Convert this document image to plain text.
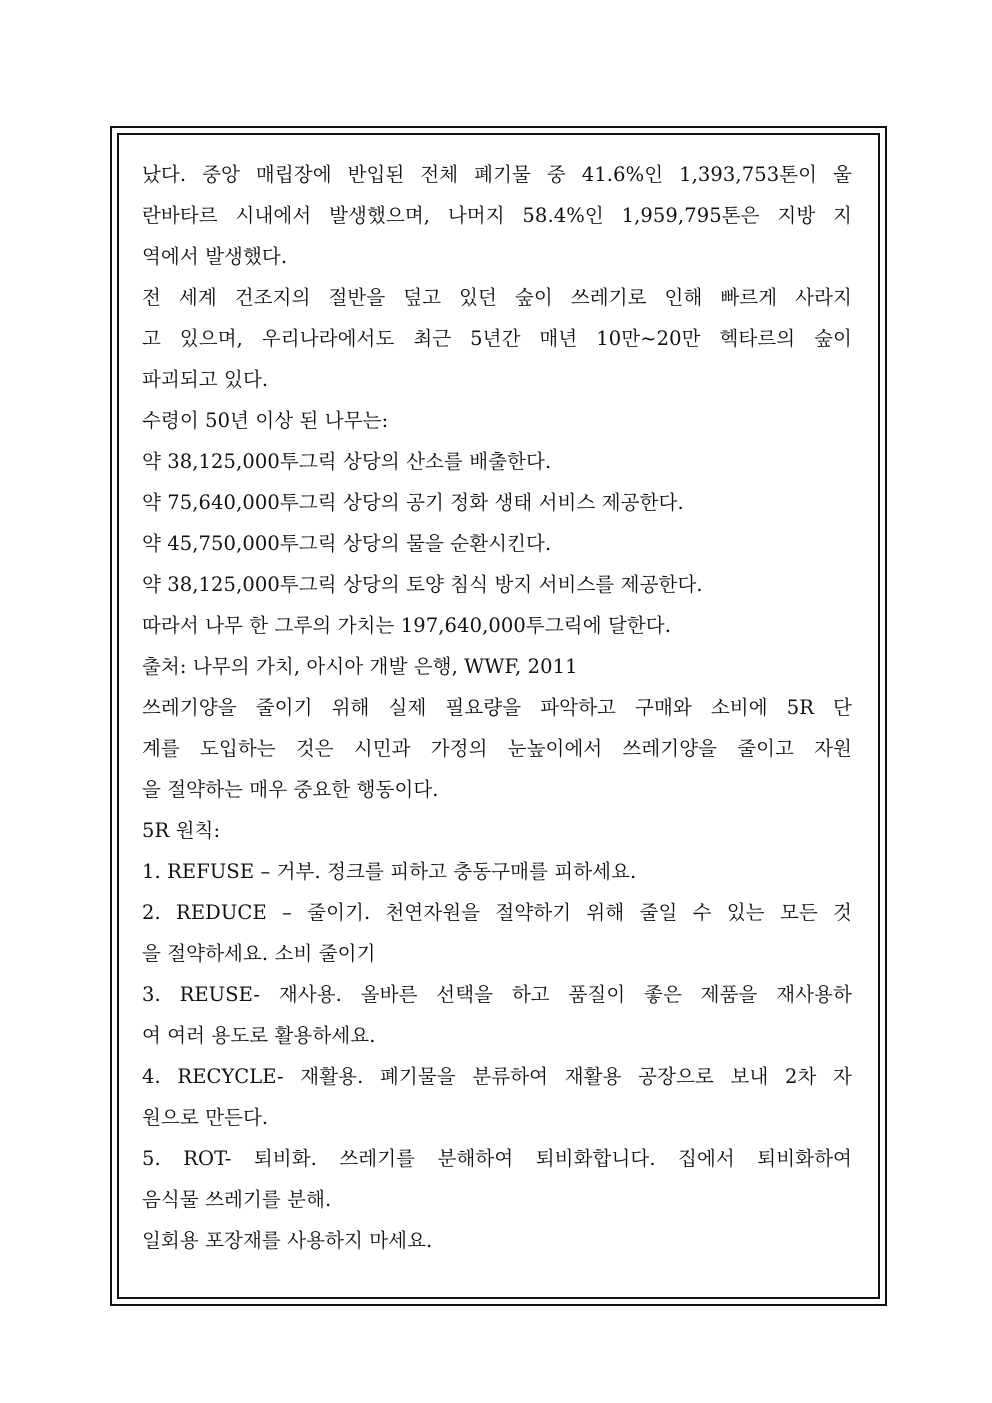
났다. 중앙 매립장에 반입된 전체 폐기물 중 41.6%인 1,393,753톤이 울
란바타르 시내에서 발생했으며, 나머지 58.4%인 1,959,795톤은 지방 지
역에서 발생했다.
전 세계 건조지의 절반을 덮고 있던 숲이 쓰레기로 인해 빠르게 사라지
고 있으며, 우리나라에서도 최근 5년간 매년 10만~20만 헥타르의 숲이
파괴되고 있다.
수령이 50년 이상 된 나무는:
약 38,125,000투그릭 상당의 산소를 배출한다.
약 75,640,000투그릭 상당의 공기 정화 생태 서비스 제공한다.
약 45,750,000투그릭 상당의 물을 순환시킨다.
약 38,125,000투그릭 상당의 토양 침식 방지 서비스를 제공한다.
따라서 나무 한 그루의 가치는 197,640,000투그릭에 달한다.
출처: 나무의 가치, 아시아 개발 은행, WWF, 2011
쓰레기양을 줄이기 위해 실제 필요량을 파악하고 구매와 소비에 5R 단
계를 도입하는 것은 시민과 가정의 눈높이에서 쓰레기양을 줄이고 자원
을 절약하는 매우 중요한 행동이다.
5R 원칙:
1. REFUSE – 거부. 정크를 피하고 충동구매를 피하세요.
2. REDUCE – 줄이기. 천연자원을 절약하기 위해 줄일 수 있는 모든 것
을 절약하세요. 소비 줄이기
3. REUSE- 재사용. 올바른 선택을 하고 품질이 좋은 제품을 재사용하
여 여러 용도로 활용하세요.
4. RECYCLE- 재활용. 폐기물을 분류하여 재활용 공장으로 보내 2차 자
원으로 만든다.
5. ROT- 퇴비화. 쓰레기를 분해하여 퇴비화합니다. 집에서 퇴비화하여
음식물 쓰레기를 분해.
일회용 포장재를 사용하지 마세요.
